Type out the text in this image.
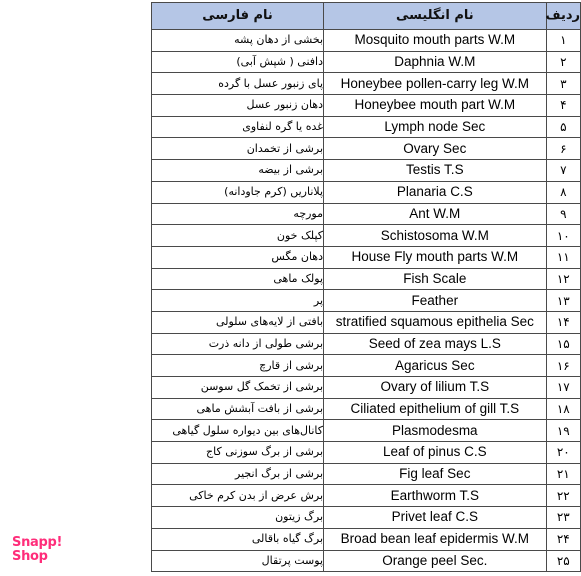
ردیف	نام انگلیسی	نام فارسی
۱	Mosquito mouth parts W.M	بخشی از دهان پشه
۲	Daphnia W.M	دافنی ( شپش آبی)
۳	Honeybee pollen-carry leg W.M	پای زنبور عسل با گرده
۴	Honeybee mouth part W.M	دهان زنبور عسل
۵	Lymph node Sec	غده یا گره لنفاوی
۶	Ovary Sec	برشی از تخمدان
۷	Testis T.S	برشی از بیضه
۸	Planaria C.S	پلاناریں (کرم جاودانه)
۹	Ant W.M	مورچه
۱۰	Schistosoma W.M	کپلک خون
۱۱	House Fly mouth parts W.M	دهان مگس
۱۲	Fish Scale	پولک ماهی
۱۳	Feather	پر
۱۴	stratified squamous epithelia Sec	بافتی از لایه‌های سلولی
۱۵	Seed of zea mays L.S	برشی طولی از دانه ذرت
۱۶	Agaricus Sec	برشی از قارچ
۱۷	Ovary of lilium T.S	برشی از تخمک گل سوسن
۱۸	Ciliated epithelium of gill T.S	برشی از بافت آبشش ماهی
۱۹	Plasmodesma	کانال‌های بین دیواره سلول گیاهی
۲۰	Leaf of pinus C.S	برشی از برگ سوزنی کاج
۲۱	Fig leaf Sec	برشی از برگ انجیر
۲۲	Earthworm T.S	برش عرض از بدن کرم خاکی
۲۳	Privet leaf C.S	برگ زیتون
۲۴	Broad bean leaf epidermis W.M	برگ گیاه باقالی
۲۵	Orange peel Sec.	پوست پرتقال
Snapp!
Shop
